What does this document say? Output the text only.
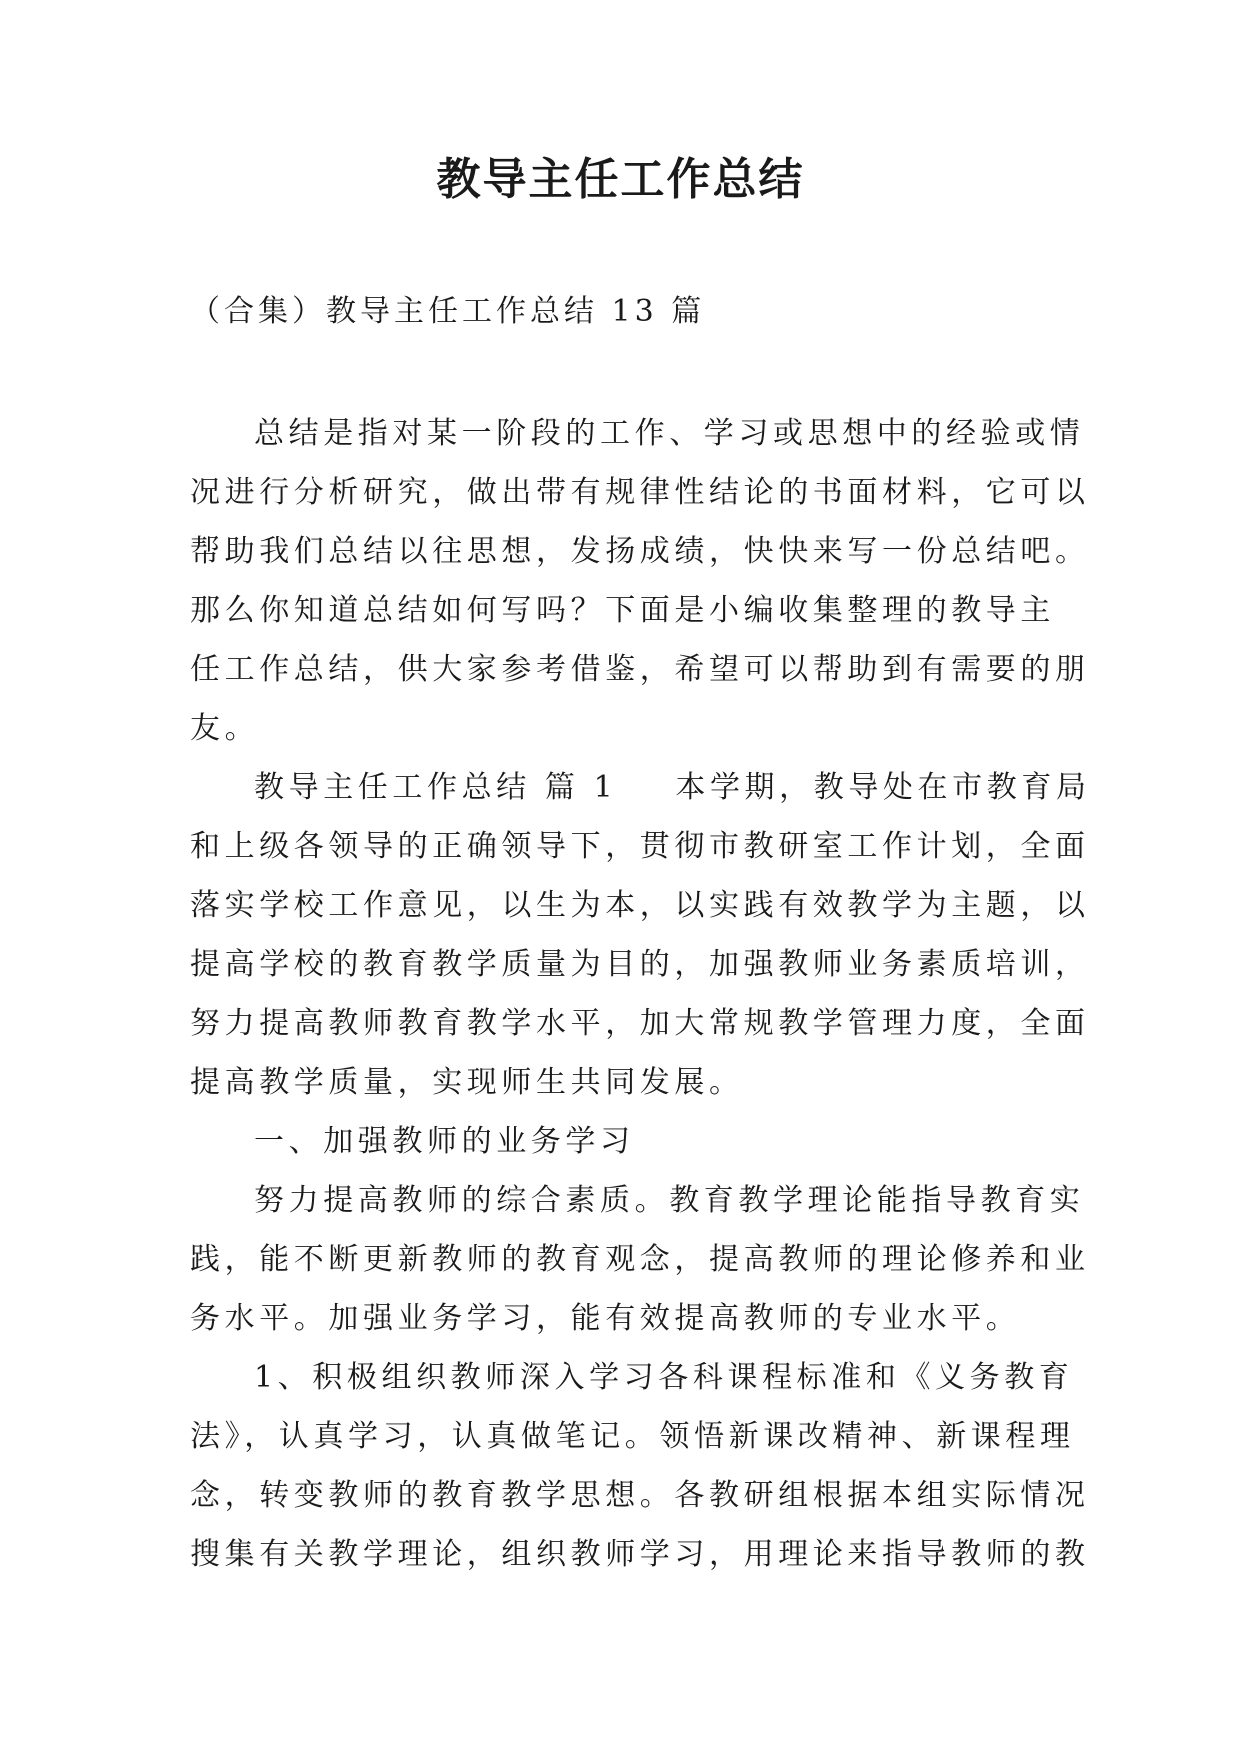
教导主任工作总结
（合集）教导主任工作总结 13 篇
总结是指对某一阶段的工作、学习或思想中的经验或情
况进行分析研究，做出带有规律性结论的书面材料，它可以
帮助我们总结以往思想，发扬成绩，快快来写一份总结吧。
那么你知道总结如何写吗？下面是小编收集整理的教导主
任工作总结，供大家参考借鉴，希望可以帮助到有需要的朋
友。
教导主任工作总结 篇 1 本学期，教导处在市教育局
和上级各领导的正确领导下，贯彻市教研室工作计划，全面
落实学校工作意见，以生为本，以实践有效教学为主题，以
提高学校的教育教学质量为目的，加强教师业务素质培训，
努力提高教师教育教学水平，加大常规教学管理力度，全面
提高教学质量，实现师生共同发展。
一、加强教师的业务学习
努力提高教师的综合素质。教育教学理论能指导教育实
践，能不断更新教师的教育观念，提高教师的理论修养和业
务水平。加强业务学习，能有效提高教师的专业水平。
1、积极组织教师深入学习各科课程标准和《义务教育
法》，认真学习，认真做笔记。领悟新课改精神、新课程理
念，转变教师的教育教学思想。各教研组根据本组实际情况
搜集有关教学理论，组织教师学习，用理论来指导教师的教
